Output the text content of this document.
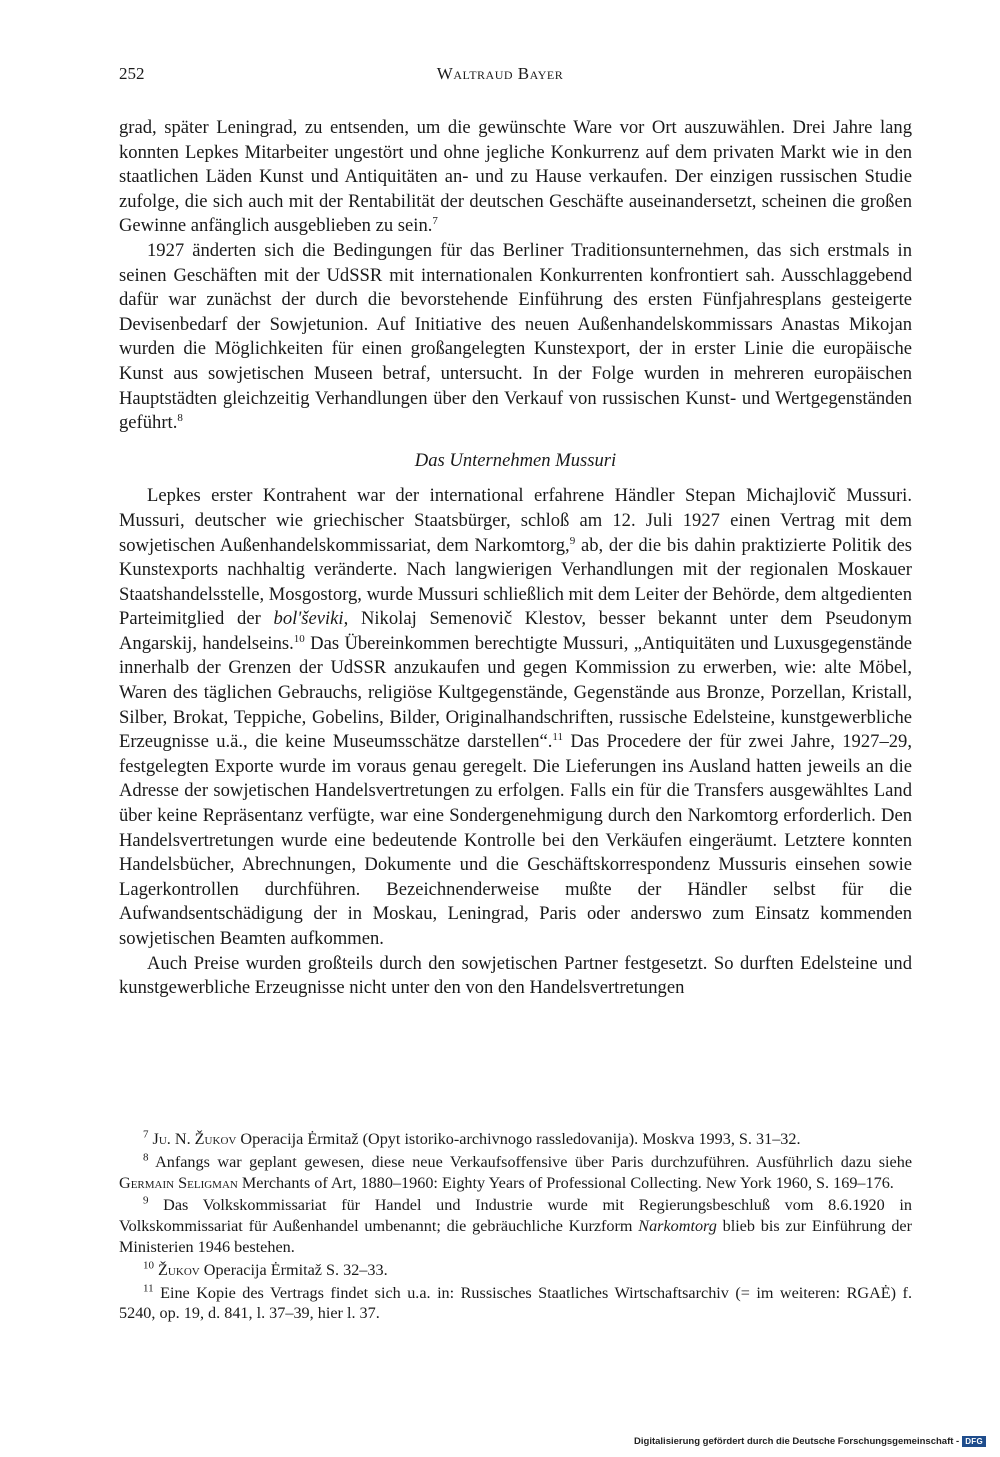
252	Waltraud Bayer

grad, später Leningrad, zu entsenden, um die gewünschte Ware vor Ort auszuwählen. Drei Jahre lang konnten Lepkes Mitarbeiter ungestört und ohne jegliche Konkurrenz auf dem privaten Markt wie in den staatlichen Läden Kunst und Antiquitäten an- und zu Hause verkaufen. Der einzigen russischen Studie zufolge, die sich auch mit der Rentabilität der deutschen Geschäfte auseinandersetzt, scheinen die großen Gewinne anfänglich ausgeblieben zu sein.$^7$

1927 änderten sich die Bedingungen für das Berliner Traditionsunternehmen, das sich erstmals in seinen Geschäften mit der UdSSR mit internationalen Konkurrenten konfrontiert sah. Ausschlaggebend dafür war zunächst der durch die bevorstehende Einführung des ersten Fünfjahresplans gesteigerte Devisenbedarf der Sowjetunion. Auf Initiative des neuen Außenhandelskommissars Anastas Mikojan wurden die Möglichkeiten für einen großangelegten Kunstexport, der in erster Linie die europäische Kunst aus sowjetischen Museen betraf, untersucht. In der Folge wurden in mehreren europäischen Hauptstädten gleichzeitig Verhandlungen über den Verkauf von russischen Kunst- und Wertgegenständen geführt.$^8$

Das Unternehmen Mussuri

Lepkes erster Kontrahent war der international erfahrene Händler Stepan Michajlovič Mussuri. Mussuri, deutscher wie griechischer Staatsbürger, schloß am 12. Juli 1927 einen Vertrag mit dem sowjetischen Außenhandelskommissariat, dem Narkomtorg,$^9$ ab, der die bis dahin praktizierte Politik des Kunstexports nachhaltig veränderte. Nach langwierigen Verhandlungen mit der regionalen Moskauer Staatshandelsstelle, Mosgostorg, wurde Mussuri schließlich mit dem Leiter der Behörde, dem altgedienten Parteimitglied der bol'ševiki, Nikolaj Semenovič Klestov, besser bekannt unter dem Pseudonym Angarskij, handelseins.$^{10}$ Das Übereinkommen berechtigte Mussuri, „Antiquitäten und Luxusgegenstände innerhalb der Grenzen der UdSSR anzukaufen und gegen Kommission zu erwerben, wie: alte Möbel, Waren des täglichen Gebrauchs, religiöse Kultgegenstände, Gegenstände aus Bronze, Porzellan, Kristall, Silber, Brokat, Teppiche, Gobelins, Bilder, Originalhandschriften, russische Edelsteine, kunstgewerbliche Erzeugnisse u.ä., die keine Museumsschätze darstellen“.$^{11}$ Das Procedere der für zwei Jahre, 1927–29, festgelegten Exporte wurde im voraus genau geregelt. Die Lieferungen ins Ausland hatten jeweils an die Adresse der sowjetischen Handelsvertretungen zu erfolgen. Falls ein für die Transfers ausgewähltes Land über keine Repräsentanz verfügte, war eine Sondergenehmigung durch den Narkomtorg erforderlich. Den Handelsvertretungen wurde eine bedeutende Kontrolle bei den Verkäufen eingeräumt. Letztere konnten Handelsbücher, Abrechnungen, Dokumente und die Geschäftskorrespondenz Mussuris einsehen sowie Lagerkontrollen durchführen. Bezeichnenderweise mußte der Händler selbst für die Aufwandsentschädigung der in Moskau, Leningrad, Paris oder anderswo zum Einsatz kommenden sowjetischen Beamten aufkommen.

Auch Preise wurden großteils durch den sowjetischen Partner festgesetzt. So durften Edelsteine und kunstgewerbliche Erzeugnisse nicht unter den von den Handelsvertretungen

$^7$ Ju. N. Žukov Operacija Ėrmitaž (Opyt istoriko-archivnogo rassledovanija). Moskva 1993, S. 31–32.

$^8$ Anfangs war geplant gewesen, diese neue Verkaufsoffensive über Paris durchzuführen. Ausführlich dazu siehe Germain Seligman Merchants of Art, 1880–1960: Eighty Years of Professional Collecting. New York 1960, S. 169–176.

$^9$ Das Volkskommissariat für Handel und Industrie wurde mit Regierungsbeschluß vom 8.6.1920 in Volkskommissariat für Außenhandel umbenannt; die gebräuchliche Kurzform Narkomtorg blieb bis zur Einführung der Ministerien 1946 bestehen.

$^{10}$ Žukov Operacija Ėrmitaž S. 32–33.

$^{11}$ Eine Kopie des Vertrags findet sich u.a. in: Russisches Staatliches Wirtschaftsarchiv (= im weiteren: RGAĖ) f. 5240, op. 19, d. 841, l. 37–39, hier l. 37.

Digitalisierung gefördert durch die Deutsche Forschungsgemeinschaft - DFG
